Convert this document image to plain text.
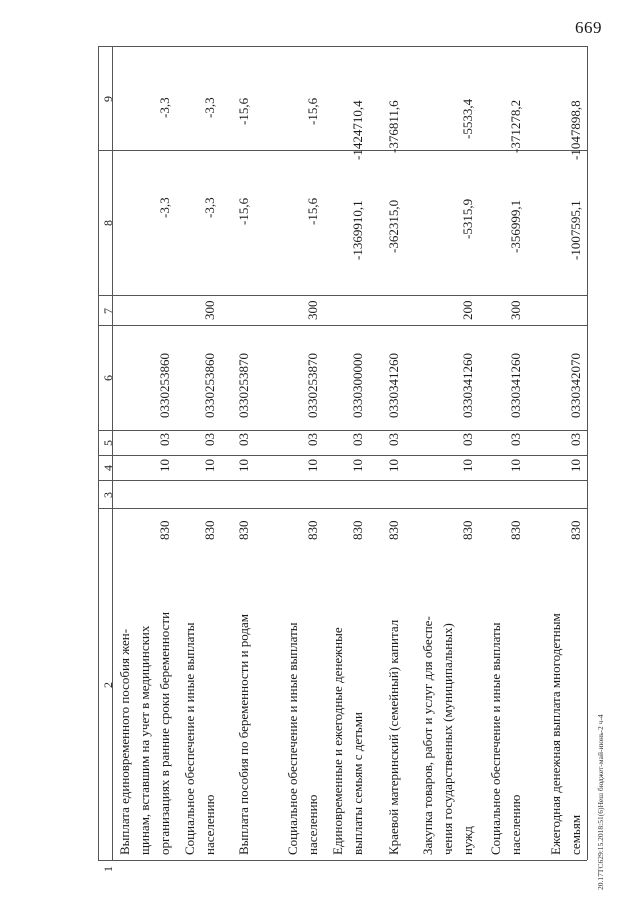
669
20.17ТС629:15.2018:51(6)Неш бюджет-май-июнь-2 ч-4
1
2
3
4
5
6
7
8
9
Выплата единовременного пособия жен- щинам, вставшим на учет в медицинских организациях в ранние сроки беременности
830
10
03
0330253860
-3,3
-3,3
Социальное обеспечение и иные выплаты населению
830
10
03
0330253860
300
-3,3
-3,3
Выплата пособия по беременности и родам
830
10
03
0330253870
-15,6
-15,6
Социальное обеспечение и иные выплаты населению
830
10
03
0330253870
300
-15,6
-15,6
Единовременные и ежегодные денежные выплаты семьям с детьми
830
10
03
0330300000
-1369910,1
-1424710,4
Краевой материнский (семейный) капитал
830
10
03
0330341260
-362315,0
-376811,6
Закупка товаров, работ и услуг для обеспе- чения государственных (муниципальных) нужд
830
10
03
0330341260
200
-5315,9
-5533,4
Социальное обеспечение и иные выплаты населению
830
10
03
0330341260
300
-356999,1
-371278,2
Ежегодная денежная выплата многодетным семьям
830
10
03
0330342070
-1007595,1
-1047898,8
